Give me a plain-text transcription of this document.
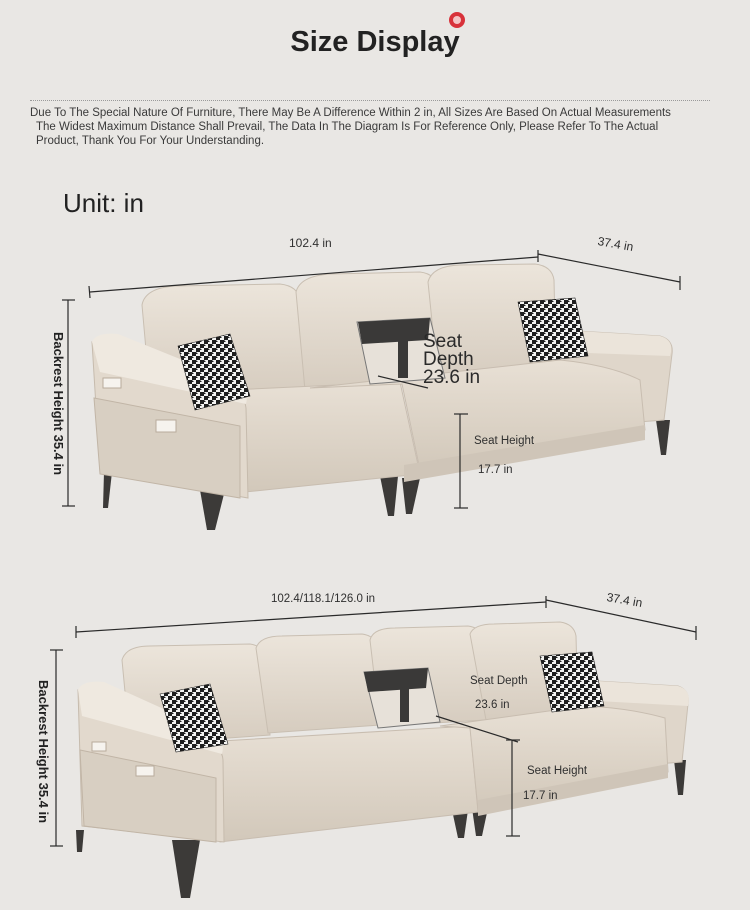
Size Display
Due To The Special Nature Of Furniture, There May Be A Difference Within 2 in, All Sizes Are Based On Actual Measurements

The Widest Maximum Distance Shall Prevail, The Data In The Diagram Is For Reference Only, Please Refer To The Actual
Product, Thank You For Your Understanding.
Unit: in
102.4 in	37.4 in
Backrest Height 35.4 in	Seat Depth 23.6 in
Seat Height
17.7 in
102.4/118.1/126.0 in	37.4 in
Backrest Height 35.4 in	Seat Depth
23.6 in
Seat Height
17.7 in
